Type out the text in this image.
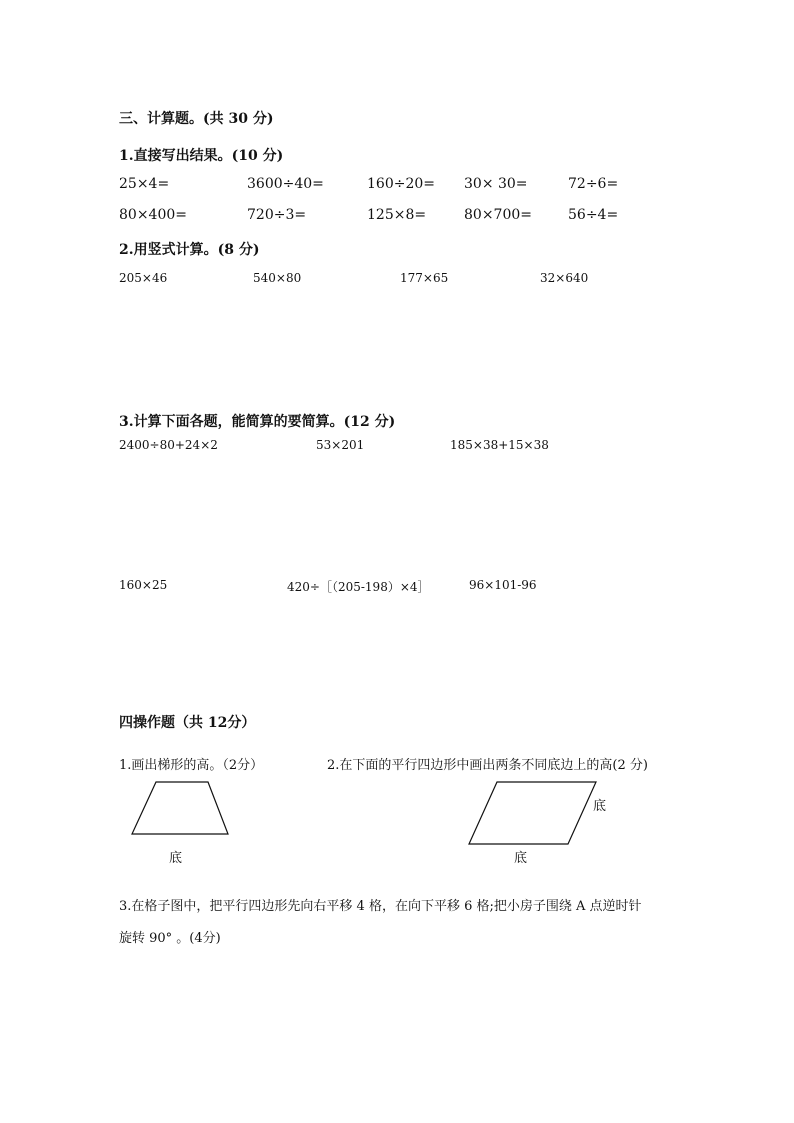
三、计算题。(共 30 分)
1.直接写出结果。(10 分)
25×4=	3600÷40=	160÷20= 30× 30=	72÷6=
80×400=	720÷3=	125×8=	80×700=	56÷4=
2.用竖式计算。(8 分)
205×46	540×80	177×65	32×640
3.计算下面各题，能简算的要简算。(12 分)
2400÷80+24×2	53×201	185×38+15×38
160×25	420÷［（205-198）×4］	96×101-96
四操作题（共 12分）
1.画出梯形的高。（2分）	2.在下面的平行四边形中画出两条不同底边上的高(2 分)
底	底
底
3.在格子图中，把平行四边形先向右平移 4 格，在向下平移 6 格;把小房子围绕 A 点逆时针
旋转 90° 。(4分)
